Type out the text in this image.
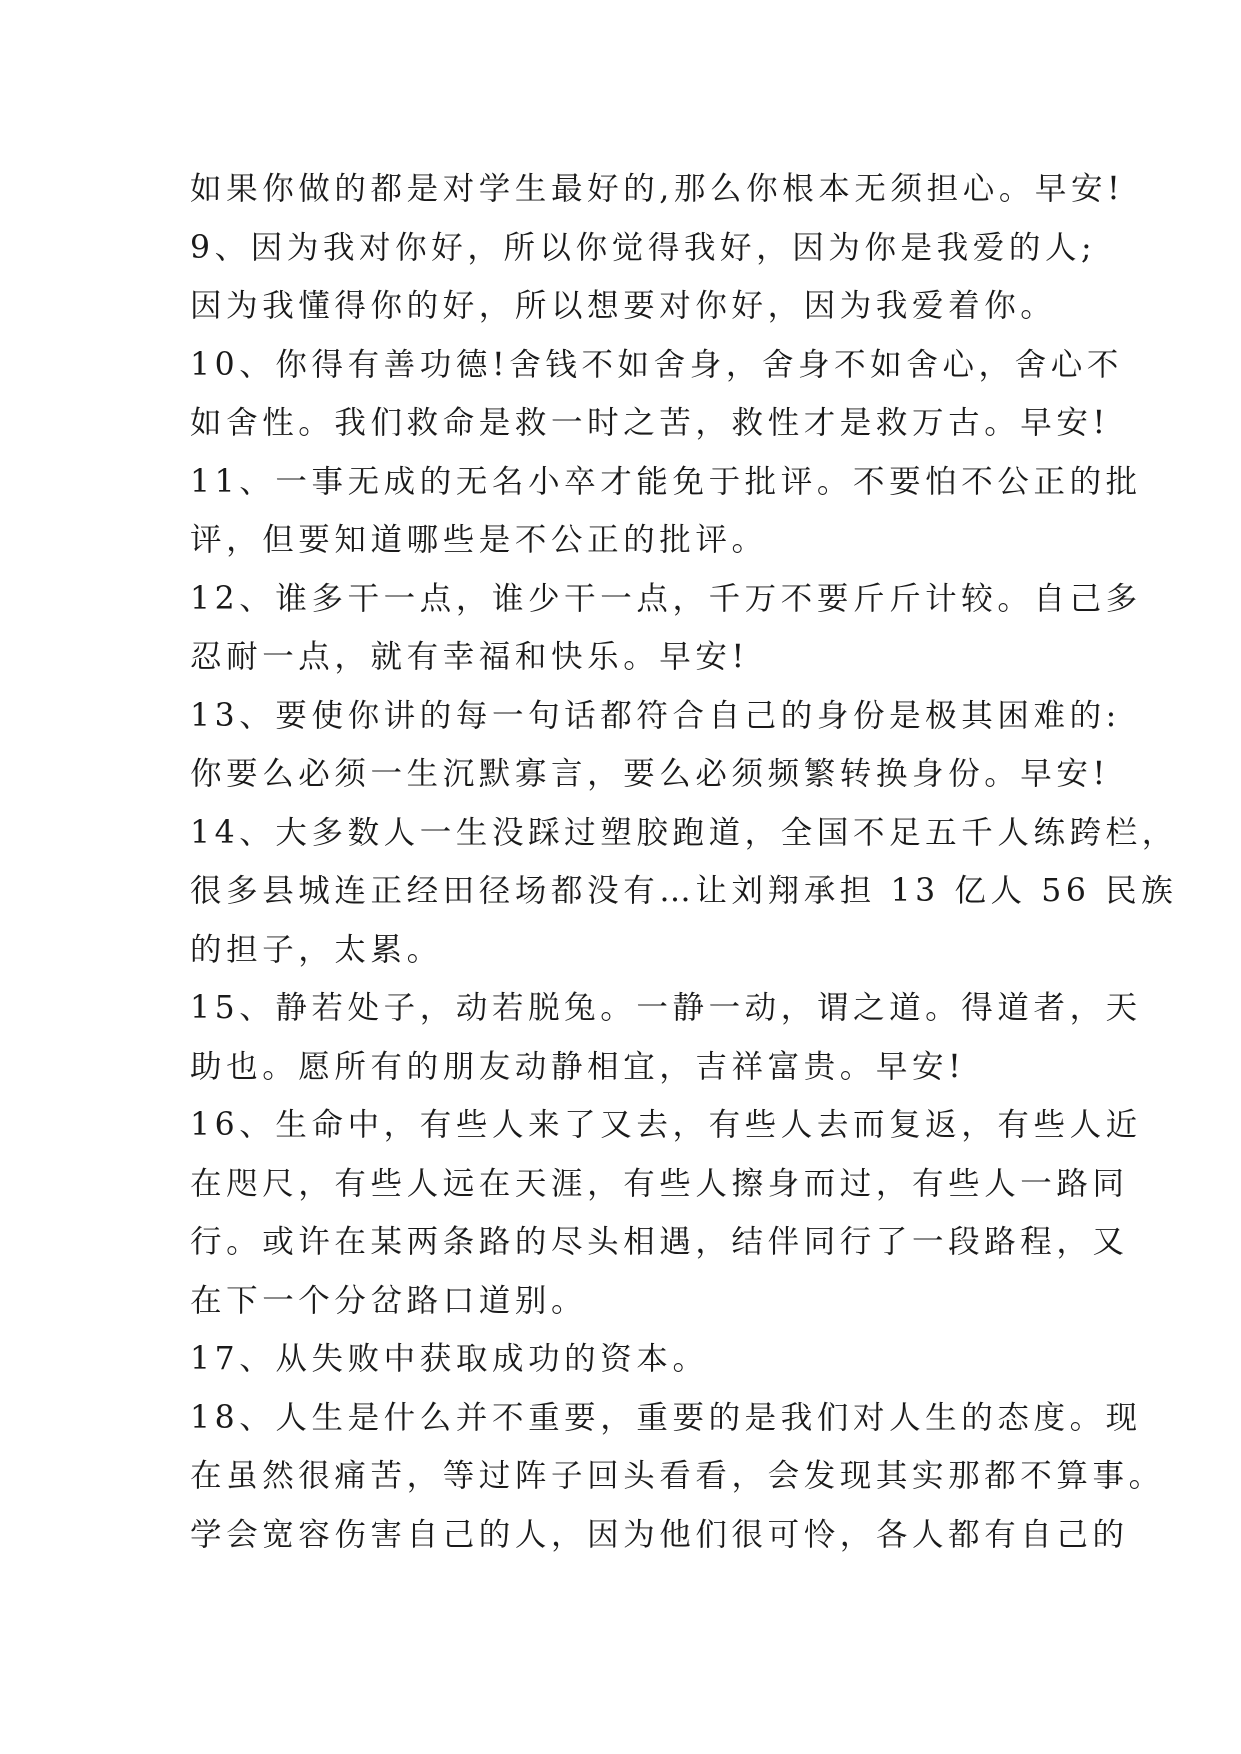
如果你做的都是对学生最好的,那么你根本无须担心。早安!
9、因为我对你好，所以你觉得我好，因为你是我爱的人;
因为我懂得你的好，所以想要对你好，因为我爱着你。
10、你得有善功德!舍钱不如舍身，舍身不如舍心，舍心不
如舍性。我们救命是救一时之苦，救性才是救万古。早安!
11、一事无成的无名小卒才能免于批评。不要怕不公正的批
评，但要知道哪些是不公正的批评。
12、谁多干一点，谁少干一点，千万不要斤斤计较。自己多
忍耐一点，就有幸福和快乐。早安!
13、要使你讲的每一句话都符合自己的身份是极其困难的:
你要么必须一生沉默寡言，要么必须频繁转换身份。早安!
14、大多数人一生没踩过塑胶跑道，全国不足五千人练跨栏，
很多县城连正经田径场都没有…让刘翔承担 13 亿人 56 民族
的担子，太累。
15、静若处子，动若脱兔。一静一动，谓之道。得道者，天
助也。愿所有的朋友动静相宜，吉祥富贵。早安!
16、生命中，有些人来了又去，有些人去而复返，有些人近
在咫尺，有些人远在天涯，有些人擦身而过，有些人一路同
行。或许在某两条路的尽头相遇，结伴同行了一段路程，又
在下一个分岔路口道别。
17、从失败中获取成功的资本。
18、人生是什么并不重要，重要的是我们对人生的态度。现
在虽然很痛苦，等过阵子回头看看，会发现其实那都不算事。
学会宽容伤害自己的人，因为他们很可怜，各人都有自己的
